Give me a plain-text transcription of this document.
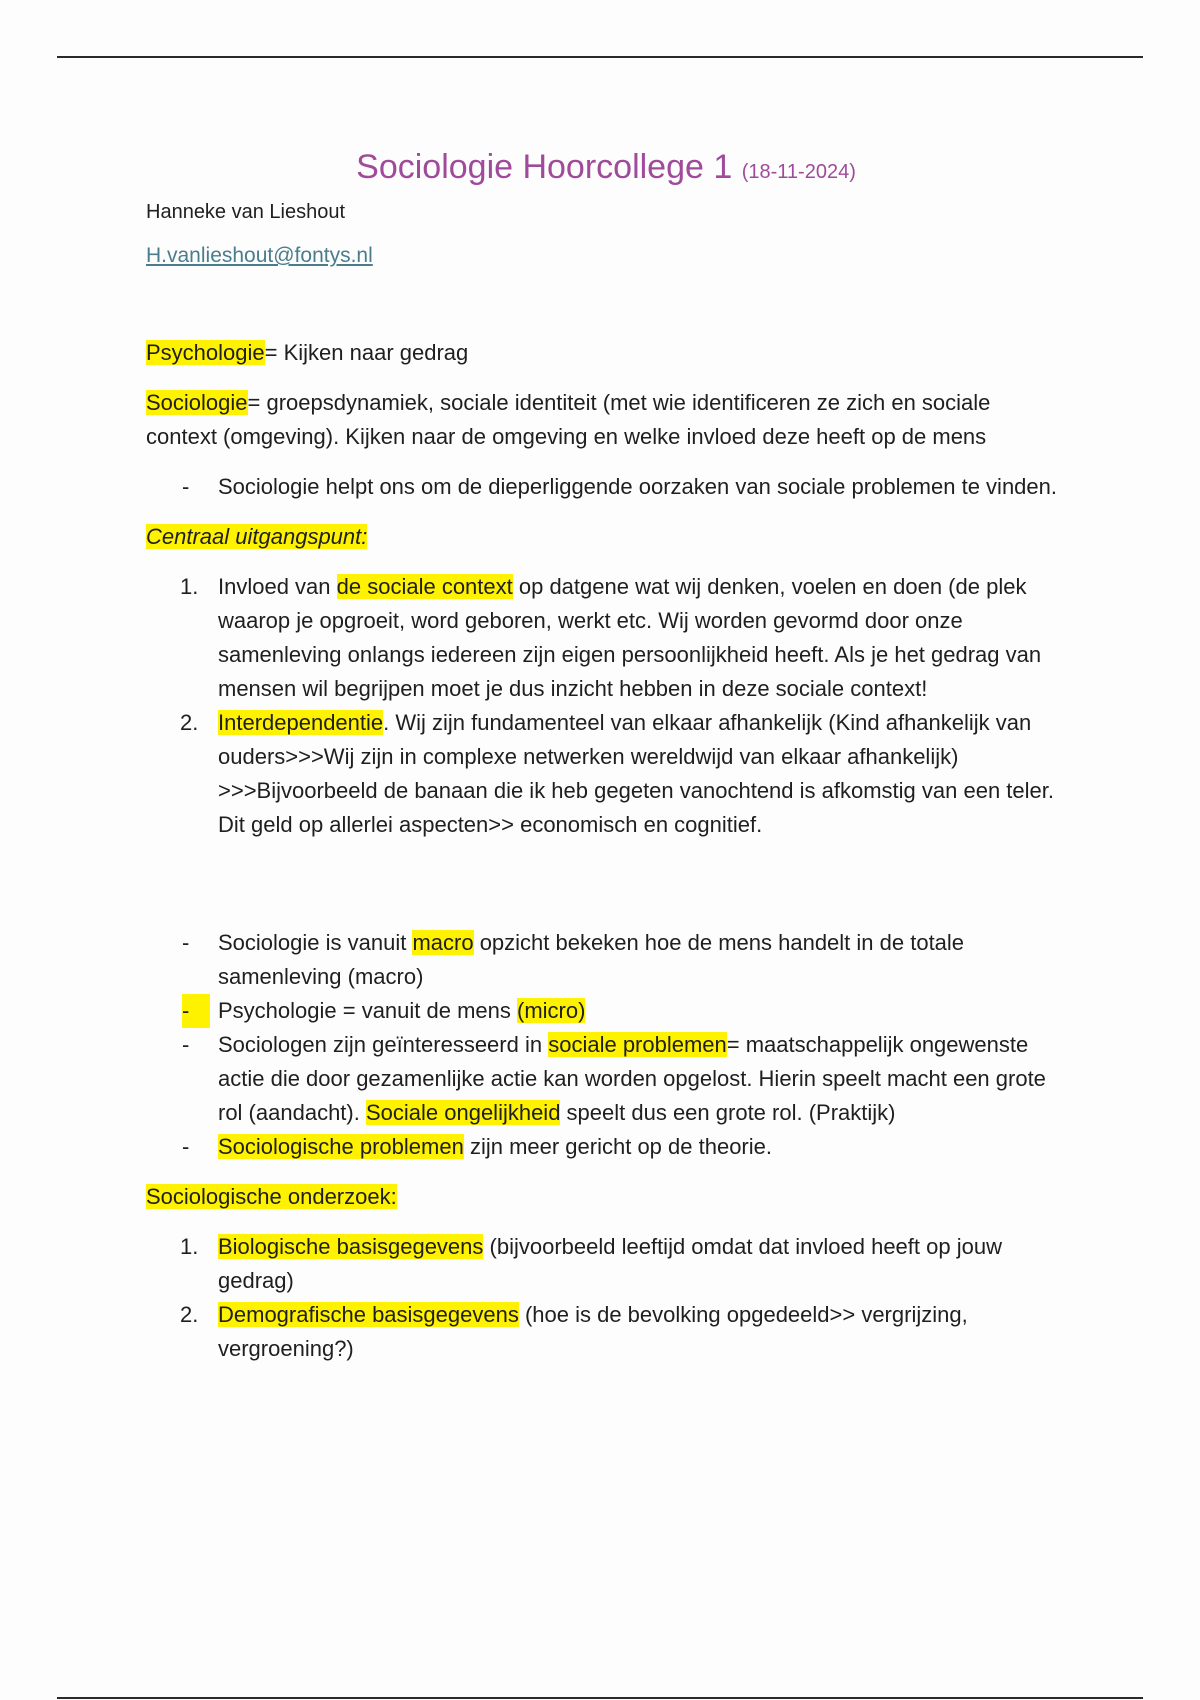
Sociologie Hoorcollege 1 (18-11-2024)
Hanneke van Lieshout
H.vanlieshout@fontys.nl

Psychologie= Kijken naar gedrag

Sociologie= groepsdynamiek, sociale identiteit (met wie identificeren ze zich en sociale context (omgeving). Kijken naar de omgeving en welke invloed deze heeft op de mens

-	Sociologie helpt ons om de dieperliggende oorzaken van sociale problemen te vinden.

Centraal uitgangspunt:

1. Invloed van de sociale context op datgene wat wij denken, voelen en doen (de plek waarop je opgroeit, word geboren, werkt etc. Wij worden gevormd door onze samenleving onlangs iedereen zijn eigen persoonlijkheid heeft. Als je het gedrag van mensen wil begrijpen moet je dus inzicht hebben in deze sociale context!
2. Interdependentie. Wij zijn fundamenteel van elkaar afhankelijk (Kind afhankelijk van ouders>>>Wij zijn in complexe netwerken wereldwijd van elkaar afhankelijk) >>>Bijvoorbeeld de banaan die ik heb gegeten vanochtend is afkomstig van een teler. Dit geld op allerlei aspecten>> economisch en cognitief.
-	Sociologie is vanuit macro opzicht bekeken hoe de mens handelt in de totale samenleving (macro)
-	Psychologie = vanuit de mens (micro)
-	Sociologen zijn geïnteresseerd in sociale problemen= maatschappelijk ongewenste actie die door gezamenlijke actie kan worden opgelost. Hierin speelt macht een grote rol (aandacht). Sociale ongelijkheid speelt dus een grote rol. (Praktijk)
-	Sociologische problemen zijn meer gericht op de theorie.

Sociologische onderzoek:

1. Biologische basisgegevens (bijvoorbeeld leeftijd omdat dat invloed heeft op jouw gedrag)
2. Demografische basisgegevens (hoe is de bevolking opgedeeld>> vergrijzing, vergroening?)
